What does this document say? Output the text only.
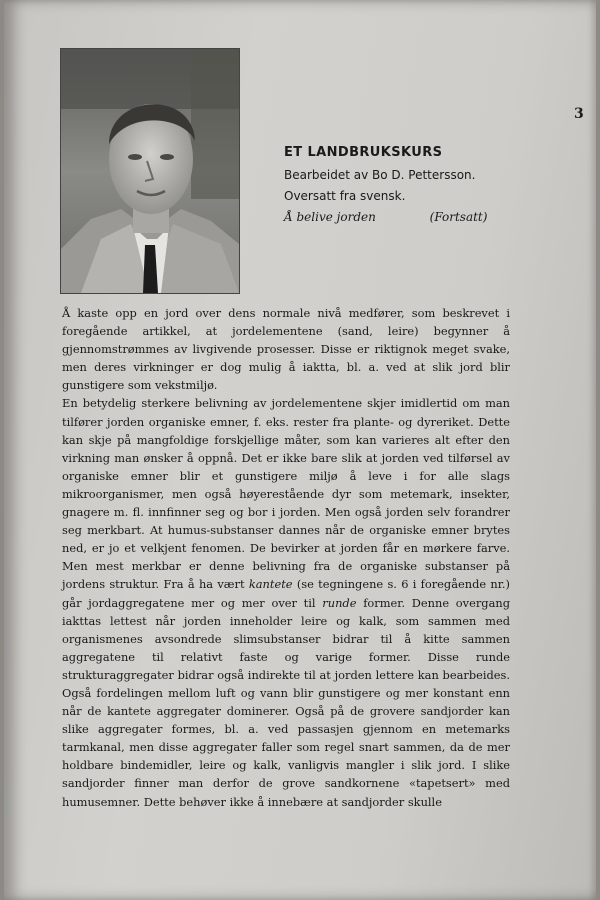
3
ET LANDBRUKSKURS
Bearbeidet av Bo D. Pettersson.
Oversatt fra svensk.
Å belive jorden	(Fortsatt)

Å kaste opp en jord over dens normale nivå medfører, som beskrevet i foregående artikkel, at jordelementene (sand, leire) begynner å gjennomstrømmes av livgivende prosesser. Disse er riktignok meget svake, men deres virkninger er dog mulig å iaktta, bl. a. ved at slik jord blir gunstigere som vekstmiljø.

En betydelig sterkere belivning av jordelementene skjer imidlertid om man tilfører jorden organiske emner, f. eks. rester fra plante- og dyreriket. Dette kan skje på mangfoldige forskjellige måter, som kan varieres alt efter den virkning man ønsker å oppnå. Det er ikke bare slik at jorden ved tilførsel av organiske emner blir et gunstigere miljø å leve i for alle slags mikroorganismer, men også høyerestående dyr som metemark, insekter, gnagere m. fl. innfinner seg og bor i jorden. Men også jorden selv forandrer seg merkbart. At humus-substanser dannes når de organiske emner brytes ned, er jo et velkjent fenomen. De bevirker at jorden får en mørkere farve. Men mest merkbar er denne belivning fra de organiske substanser på jordens struktur. Fra å ha vært kantete (se tegningene s. 6 i foregående nr.) går jordaggregatene mer og mer over til runde former. Denne overgang iakttas lettest når jorden inneholder leire og kalk, som sammen med organismenes avsondrede slimsubstanser bidrar til å kitte sammen aggregatene til relativt faste og varige former. Disse runde strukturaggregater bidrar også indirekte til at jorden lettere kan bearbeides. Også fordelingen mellom luft og vann blir gunstigere og mer konstant enn når de kantete aggregater dominerer. Også på de grovere sandjorder kan slike aggregater formes, bl. a. ved passasjen gjennom en metemarks tarmkanal, men disse aggregater faller som regel snart sammen, da de mer holdbare bindemidler, leire og kalk, vanligvis mangler i slik jord. I slike sandjorder finner man derfor de grove sandkornene «tapetsert» med humusemner. Dette behøver ikke å innebære at sandjorder skulle
